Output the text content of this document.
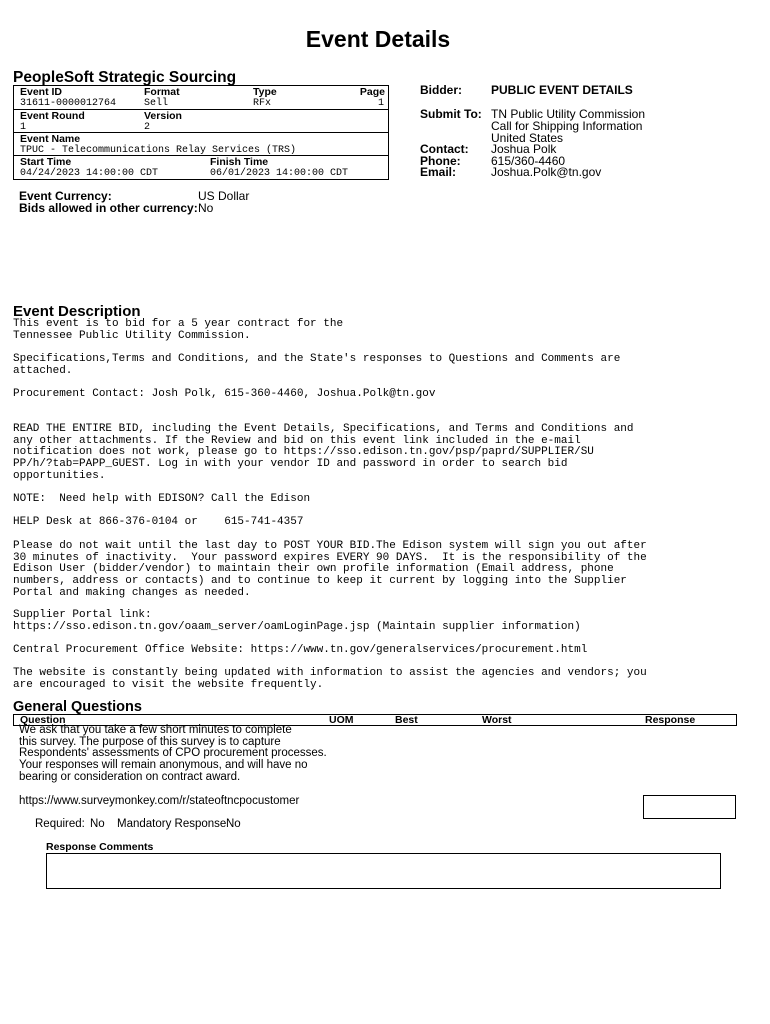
Event Details
PeopleSoft Strategic Sourcing
Event ID	Format	Type	Page
31611-0000012764	Sell	RFx	1
Event Round	Version
1	2
Event Name
TPUC - Telecommunications Relay Services (TRS)
Start Time	Finish Time
04/24/2023 14:00:00 CDT	06/01/2023 14:00:00 CDT
Bidder: PUBLIC EVENT DETAILS
Submit To: TN Public Utility Commission
Call for Shipping Information
United States
Contact: Joshua Polk
Phone:	615/360-4460
Email:	Joshua.Polk@tn.gov
Event Currency:	US Dollar
Bids allowed in other currency: No
Event Description
This event is to bid for a 5 year contract for the
Tennessee Public Utility Commission.
Specifications,Terms and Conditions, and the State's responses to Questions and Comments are
attached.
Procurement Contact: Josh Polk, 615-360-4460, Joshua.Polk@tn.gov
READ THE ENTIRE BID, including the Event Details, Specifications, and Terms and Conditions and
any other attachments. If the Review and bid on this event link included in the e-mail
notification does not work, please go to https://sso.edison.tn.gov/psp/paprd/SUPPLIER/SU
PP/h/?tab=PAPP_GUEST. Log in with your vendor ID and password in order to search bid
opportunities.
NOTE:  Need help with EDISON? Call the Edison
HELP Desk at 866-376-0104 or    615-741-4357
Please do not wait until the last day to POST YOUR BID.The Edison system will sign you out after
30 minutes of inactivity.  Your password expires EVERY 90 DAYS.  It is the responsibility of the
Edison User (bidder/vendor) to maintain their own profile information (Email address, phone
numbers, address or contacts) and to continue to keep it current by logging into the Supplier
Portal and making changes as needed.
Supplier Portal link:
https://sso.edison.tn.gov/oaam_server/oamLoginPage.jsp (Maintain supplier information)
Central Procurement Office Website: https://www.tn.gov/generalservices/procurement.html
The website is constantly being updated with information to assist the agencies and vendors; you
are encouraged to visit the website frequently.
General Questions
Question	UOM	Best	Worst	Response
We ask that you take a few short minutes to complete
this survey. The purpose of this survey is to capture
Respondents' assessments of CPO procurement processes.
Your responses will remain anonymous, and will have no
bearing or consideration on contract award.
https://www.surveymonkey.com/r/stateoftncpocustomer
Required: No Mandatory Response No
Response Comments
